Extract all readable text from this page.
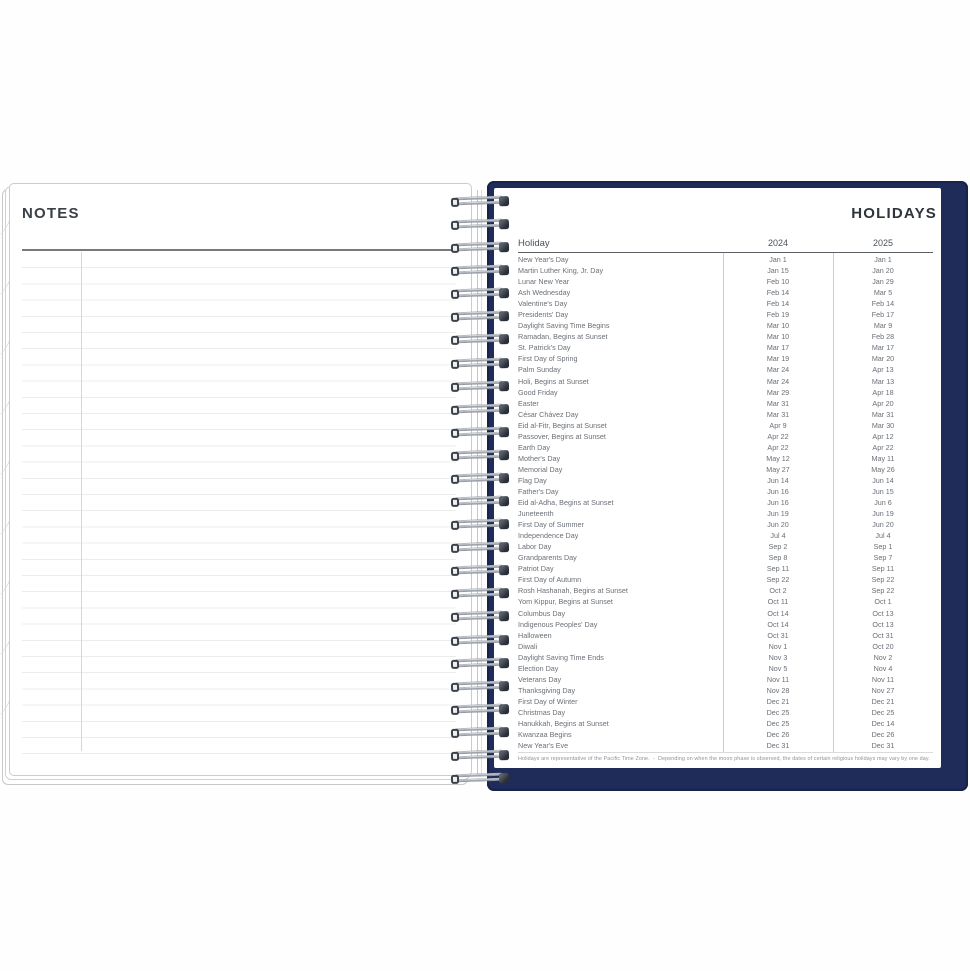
NOTES	HOLIDAYS
Holiday	2024	2025
New Year's Day	Jan 1	Jan 1
Martin Luther King, Jr. Day	Jan 15	Jan 20
Lunar New Year	Feb 10	Jan 29
Ash Wednesday	Feb 14	Mar 5
Valentine's Day	Feb 14	Feb 14
Presidents' Day	Feb 19	Feb 17
Daylight Saving Time Begins	Mar 10	Mar 9
Ramadan, Begins at Sunset	Mar 10	Feb 28
St. Patrick's Day	Mar 17	Mar 17
First Day of Spring	Mar 19	Mar 20
Palm Sunday	Mar 24	Apr 13
Holi, Begins at Sunset	Mar 24	Mar 13
Good Friday	Mar 29	Apr 18
Easter	Mar 31	Apr 20
César Chávez Day	Mar 31	Mar 31
Eid al-Fitr, Begins at Sunset	Apr 9	Mar 30
Passover, Begins at Sunset	Apr 22	Apr 12
Earth Day	Apr 22	Apr 22
Mother's Day	May 12	May 11
Memorial Day	May 27	May 26
Flag Day	Jun 14	Jun 14
Father's Day	Jun 16	Jun 15
Eid al-Adha, Begins at Sunset	Jun 16	Jun 6
Juneteenth	Jun 19	Jun 19
First Day of Summer	Jun 20	Jun 20
Independence Day	Jul 4	Jul 4
Labor Day	Sep 2	Sep 1
Grandparents Day	Sep 8	Sep 7
Patriot Day	Sep 11	Sep 11
First Day of Autumn	Sep 22	Sep 22
Rosh Hashanah, Begins at Sunset	Oct 2	Sep 22
Yom Kippur, Begins at Sunset	Oct 11	Oct 1
Columbus Day	Oct 14	Oct 13
Indigenous Peoples' Day	Oct 14	Oct 13
Halloween	Oct 31	Oct 31
Diwali	Nov 1	Oct 20
Daylight Saving Time Ends	Nov 3	Nov 2
Election Day	Nov 5	Nov 4
Veterans Day	Nov 11	Nov 11
Thanksgiving Day	Nov 28	Nov 27
First Day of Winter	Dec 21	Dec 21
Christmas Day	Dec 25	Dec 25
Hanukkah, Begins at Sunset	Dec 25	Dec 14
Kwanzaa Begins	Dec 26	Dec 26
New Year's Eve	Dec 31	Dec 31
Holidays are representative of the Pacific Time Zone.  -  Depending on when the moon phase is observed, the dates of certain religious holidays may vary by one day.
